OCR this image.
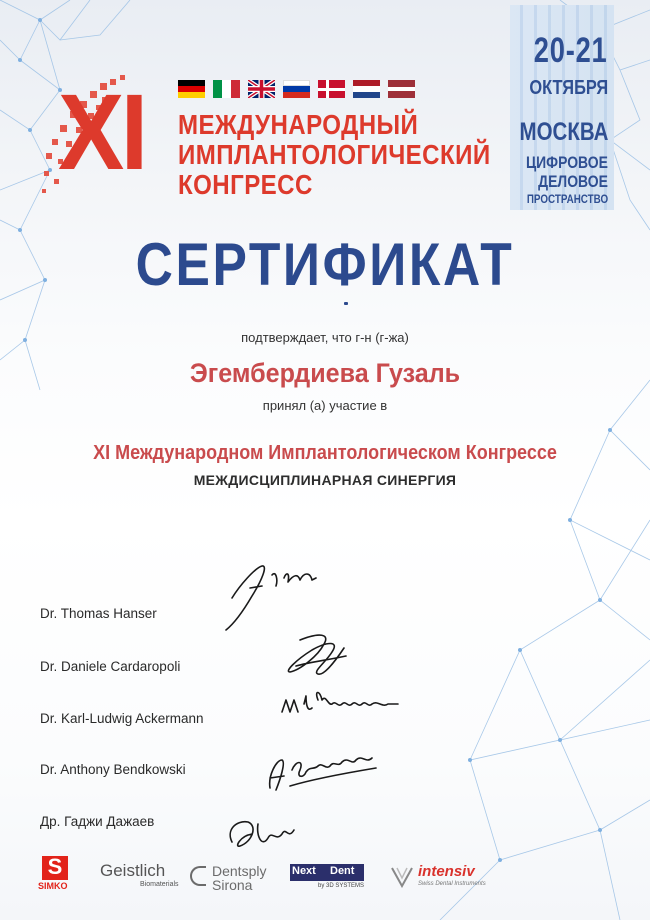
XI МЕЖДУНАРОДНЫЙ
ИМПЛАНТОЛОГИЧЕСКИЙ
КОНГРЕСС
20-21
ОКТЯБРЯ
МОСКВА
ЦИФРОВОЕ
ДЕЛОВОЕ
ПРОСТРАНСТВО
СЕРТИФИКАТ
подтверждает, что г-н (г-жа)
Эгембердиева Гузаль
принял (а) участие в
XI Международном Имплантологическом Конгрессе
МЕЖДИСЦИПЛИНАРНАЯ СИНЕРГИЯ
Dr. Thomas Hanser
Dr. Daniele Cardaropoli
Dr. Karl-Ludwig Ackermann
Dr. Anthony Bendkowski
Др. Гаджи Дажаев
S
SIMKO
Geistlich
Biomaterials
Dentsply
Sirona
Next Dent
by 3D SYSTEMS
intensiv
Swiss Dental Instruments
